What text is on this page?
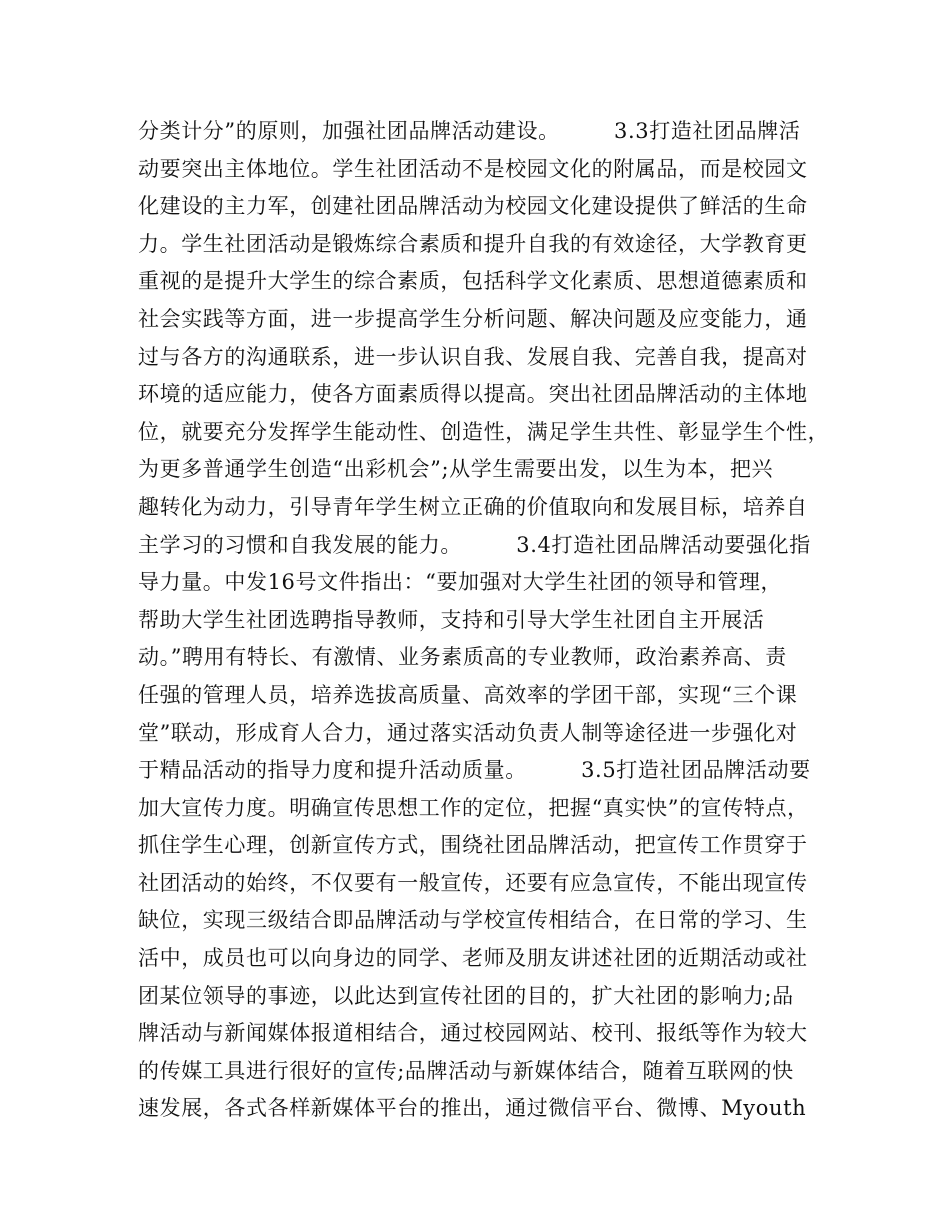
分类计分”的原则，加强社团品牌活动建设。　　　3.3打造社团品牌活
动要突出主体地位。学生社团活动不是校园文化的附属品，而是校园文
化建设的主力军，创建社团品牌活动为校园文化建设提供了鲜活的生命
力。学生社团活动是锻炼综合素质和提升自我的有效途径，大学教育更
重视的是提升大学生的综合素质，包括科学文化素质、思想道德素质和
社会实践等方面，进一步提高学生分析问题、解决问题及应变能力，通
过与各方的沟通联系，进一步认识自我、发展自我、完善自我，提高对
环境的适应能力，使各方面素质得以提高。突出社团品牌活动的主体地
位，就要充分发挥学生能动性、创造性，满足学生共性、彰显学生个性，
为更多普通学生创造“出彩机会”;从学生需要出发，以生为本，把兴
趣转化为动力，引导青年学生树立正确的价值取向和发展目标，培养自
主学习的习惯和自我发展的能力。　　　3.4打造社团品牌活动要强化指
导力量。中发16号文件指出：“要加强对大学生社团的领导和管理，
帮助大学生社团选聘指导教师，支持和引导大学生社团自主开展活
动。”聘用有特长、有激情、业务素质高的专业教师，政治素养高、责
任强的管理人员，培养选拔高质量、高效率的学团干部，实现“三个课
堂”联动，形成育人合力，通过落实活动负责人制等途径进一步强化对
于精品活动的指导力度和提升活动质量。　　　3.5打造社团品牌活动要
加大宣传力度。明确宣传思想工作的定位，把握“真实快”的宣传特点，
抓住学生心理，创新宣传方式，围绕社团品牌活动，把宣传工作贯穿于
社团活动的始终，不仅要有一般宣传，还要有应急宣传，不能出现宣传
缺位，实现三级结合即品牌活动与学校宣传相结合，在日常的学习、生
活中，成员也可以向身边的同学、老师及朋友讲述社团的近期活动或社
团某位领导的事迹，以此达到宣传社团的目的，扩大社团的影响力;品
牌活动与新闻媒体报道相结合，通过校园网站、校刊、报纸等作为较大
的传媒工具进行很好的宣传;品牌活动与新媒体结合，随着互联网的快
速发展，各式各样新媒体平台的推出，通过微信平台、微博、Myouth
